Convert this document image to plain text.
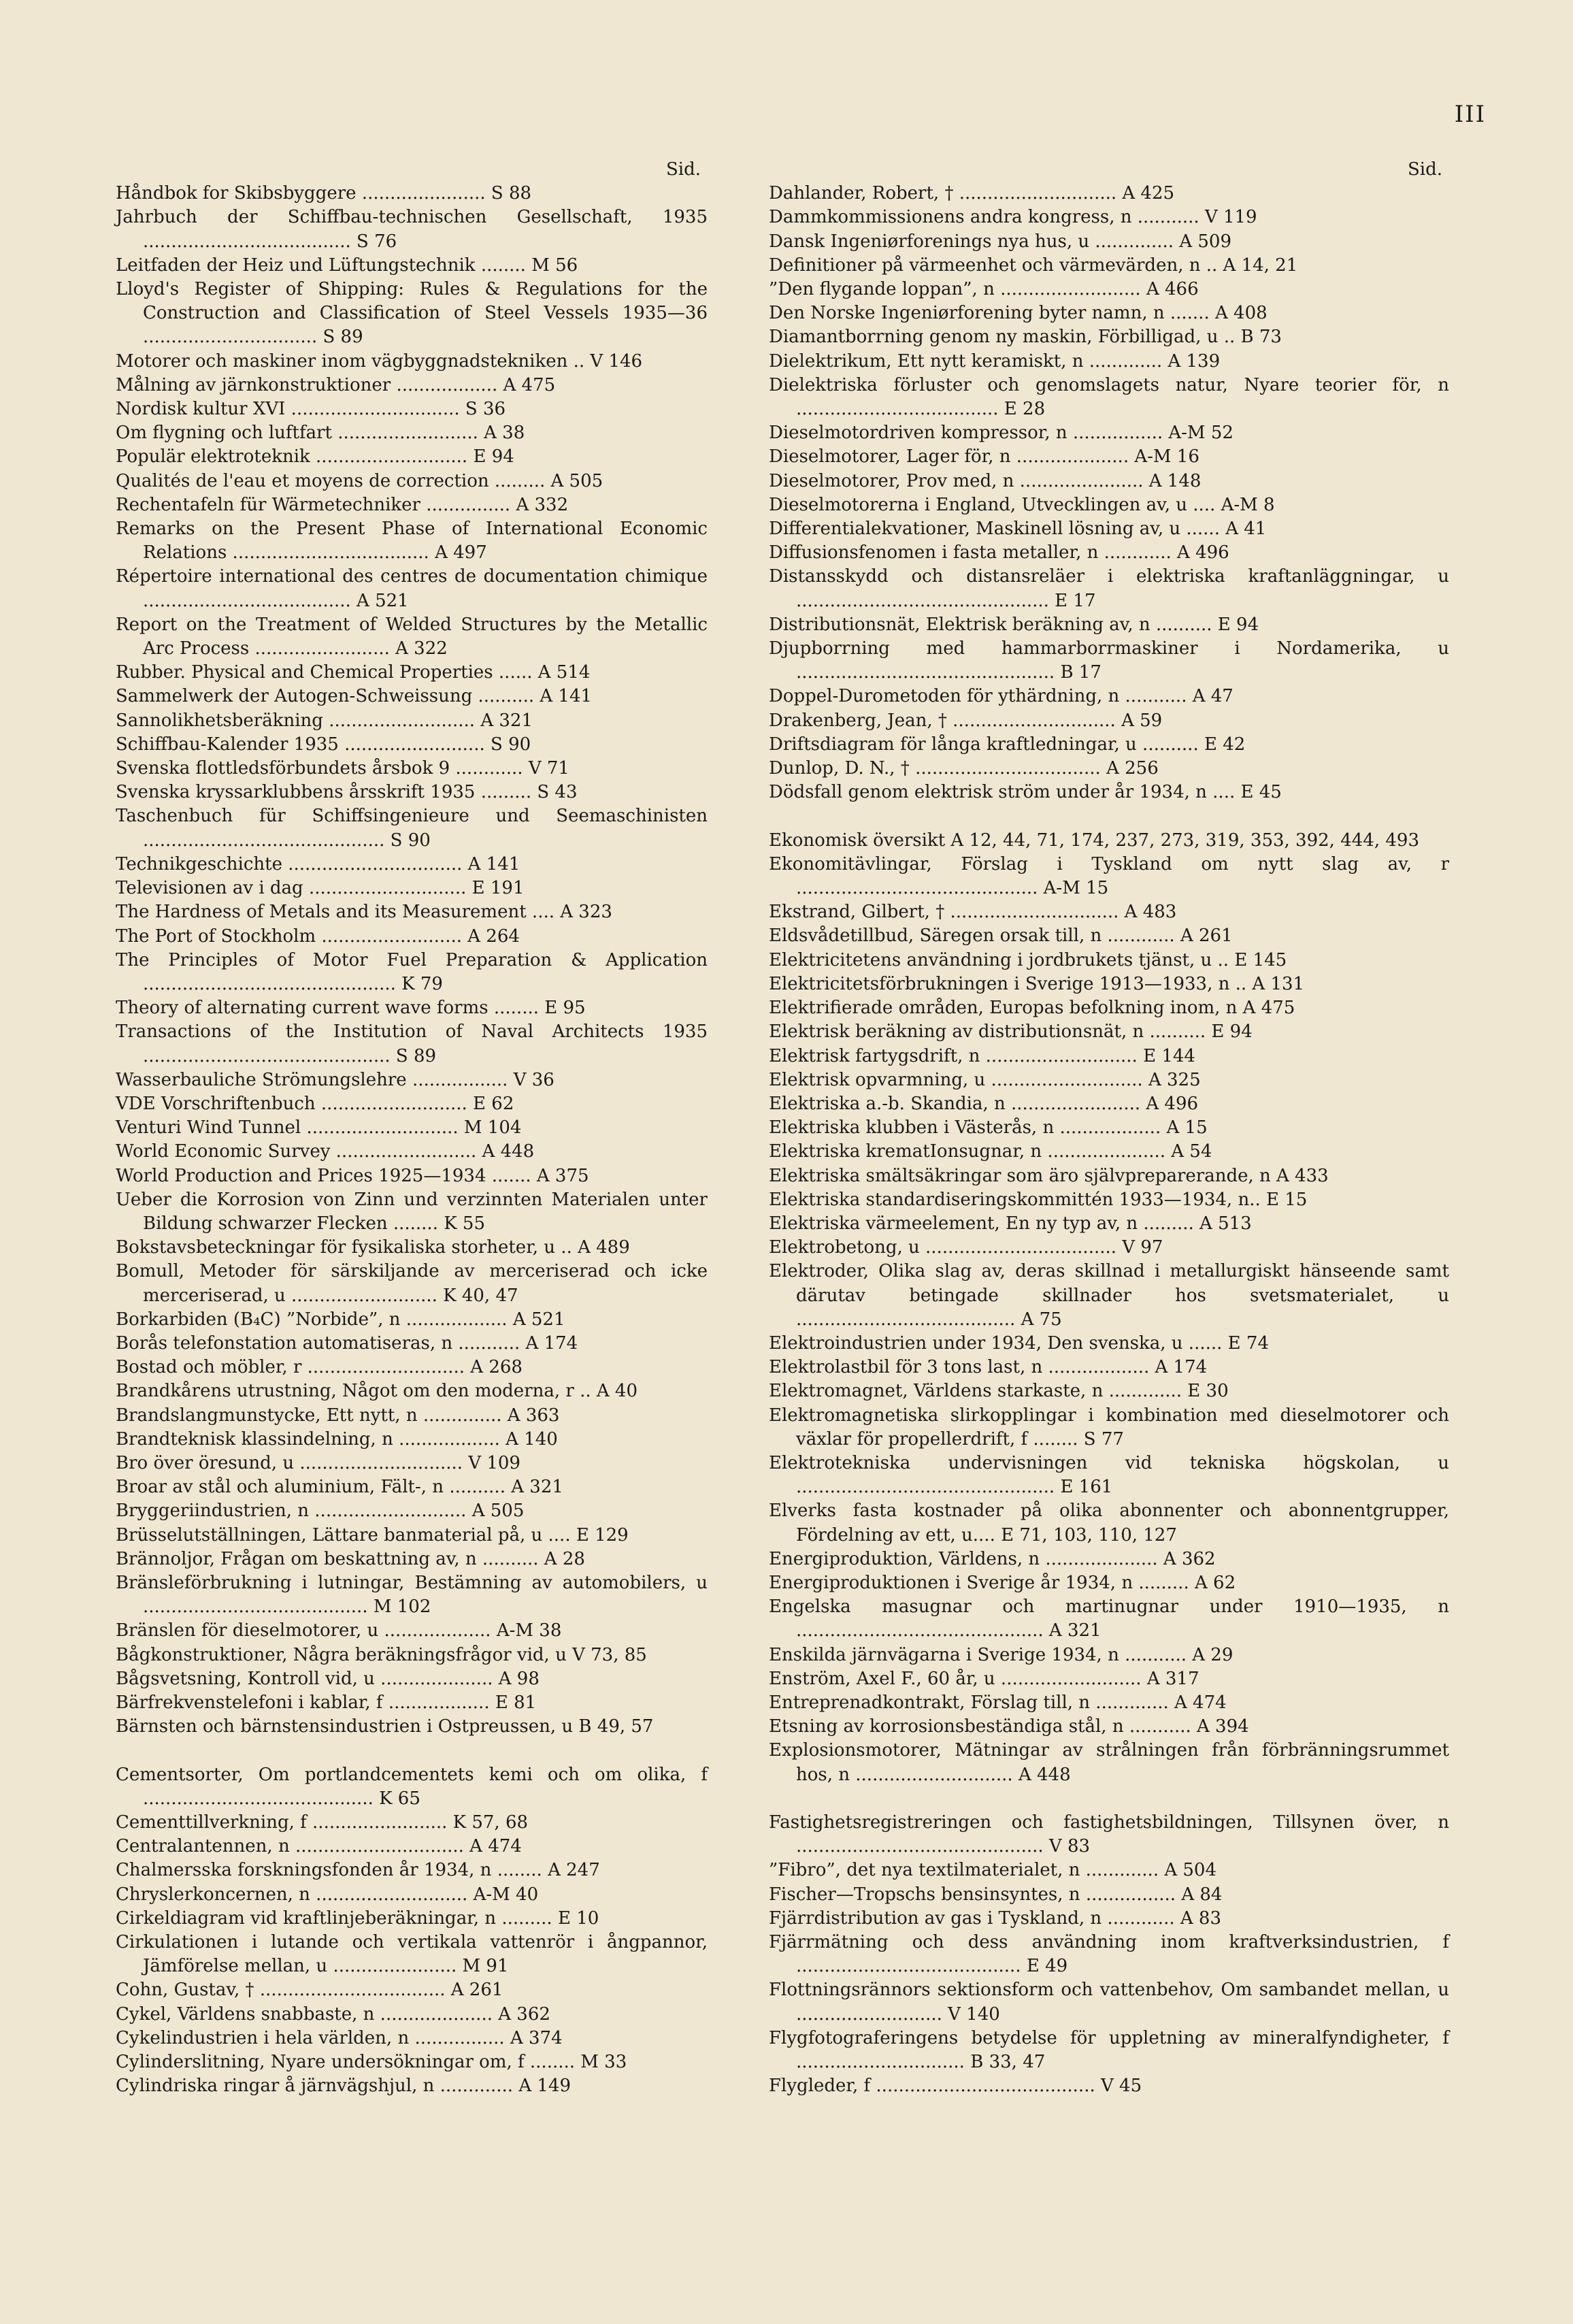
III
Sid.
Håndbok for Skibsbyggere ...................... S 88
Jahrbuch der Schiffbau-technischen Gesellschaft, 1935 ..................................... S 76
Leitfaden der Heiz und Lüftungstechnik ........ M 56
Lloyd's Register of Shipping: Rules & Regulations for the Construction and Classification of Steel Vessels 1935—36 ............................... S 89
Motorer och maskiner inom vägbyggnadstekniken .. V 146
Målning av järnkonstruktioner .................. A 475
Nordisk kultur XVI .............................. S 36
Om flygning och luftfart ......................... A 38
Populär elektroteknik ........................... E 94
Qualités de l'eau et moyens de correction ......... A 505
Rechentafeln für Wärmetechniker ............... A 332
Remarks on the Present Phase of International Economic Relations ................................... A 497
Répertoire international des centres de documentation chimique ..................................... A 521
Report on the Treatment of Welded Structures by the Metallic Arc Process ........................ A 322
Rubber. Physical and Chemical Properties ...... A 514
Sammelwerk der Autogen-Schweissung .......... A 141
Sannolikhetsberäkning .......................... A 321
Schiffbau-Kalender 1935 ......................... S 90
Svenska flottledsförbundets årsbok 9 ............ V 71
Svenska kryssarklubbens årsskrift 1935 ......... S 43
Taschenbuch für Schiffsingenieure und Seemaschinisten ........................................... S 90
Technikgeschichte ............................... A 141
Televisionen av i dag ............................ E 191
The Hardness of Metals and its Measurement .... A 323
The Port of Stockholm ......................... A 264
The Principles of Motor Fuel Preparation & Application ............................................. K 79
Theory of alternating current wave forms ........ E 95
Transactions of the Institution of Naval Architects 1935 ............................................ S 89
Wasserbauliche Strömungslehre ................. V 36
VDE Vorschriftenbuch .......................... E 62
Venturi Wind Tunnel ........................... M 104
World Economic Survey ......................... A 448
World Production and Prices 1925—1934 ....... A 375
Ueber die Korrosion von Zinn und verzinnten Materialen unter Bildung schwarzer Flecken ........ K 55
Bokstavsbeteckningar för fysikaliska storheter, u .. A 489
Bomull, Metoder för särskiljande av merceriserad och icke merceriserad, u .......................... K 40, 47
Borkarbiden (B₄C) ”Norbide”, n .................. A 521
Borås telefonstation automatiseras, n ........... A 174
Bostad och möbler, r ............................ A 268
Brandkårens utrustning, Något om den moderna, r .. A 40
Brandslangmunstycke, Ett nytt, n .............. A 363
Brandteknisk klassindelning, n .................. A 140
Bro över öresund, u ............................. V 109
Broar av stål och aluminium, Fält-, n .......... A 321
Bryggeriindustrien, n ........................... A 505
Brüsselutställningen, Lättare banmaterial på, u .... E 129
Brännoljor, Frågan om beskattning av, n .......... A 28
Bränsleförbrukning i lutningar, Bestämning av automobilers, u ........................................ M 102
Bränslen för dieselmotorer, u ................... A-M 38
Bågkonstruktioner, Några beräkningsfrågor vid, u V 73, 85
Bågsvetsning, Kontroll vid, u .................... A 98
Bärfrekvenstelefoni i kablar, f .................. E 81
Bärnsten och bärnstensindustrien i Ostpreussen, u B 49, 57
Cementsorter, Om portlandcementets kemi och om olika, f ......................................... K 65
Cementtillverkning, f ........................ K 57, 68
Centralantennen, n .............................. A 474
Chalmersska forskningsfonden år 1934, n ........ A 247
Chryslerkoncernen, n ........................... A-M 40
Cirkeldiagram vid kraftlinjeberäkningar, n ......... E 10
Cirkulationen i lutande och vertikala vattenrör i ångpannor, Jämförelse mellan, u ...................... M 91
Cohn, Gustav, † ................................. A 261
Cykel, Världens snabbaste, n .................... A 362
Cykelindustrien i hela världen, n ................ A 374
Cylinderslitning, Nyare undersökningar om, f ........ M 33
Cylindriska ringar å järnvägshjul, n ............. A 149
Sid.
Dahlander, Robert, † ............................ A 425
Dammkommissionens andra kongress, n ........... V 119
Dansk Ingeniørforenings nya hus, u .............. A 509
Definitioner på värmeenhet och värmevärden, n .. A 14, 21
”Den flygande loppan”, n ......................... A 466
Den Norske Ingeniørforening byter namn, n ....... A 408
Diamantborrning genom ny maskin, Förbilligad, u .. B 73
Dielektrikum, Ett nytt keramiskt, n ............. A 139
Dielektriska förluster och genomslagets natur, Nyare teorier för, n .................................... E 28
Dieselmotordriven kompressor, n ................ A-M 52
Dieselmotorer, Lager för, n .................... A-M 16
Dieselmotorer, Prov med, n ...................... A 148
Dieselmotorerna i England, Utvecklingen av, u .... A-M 8
Differentialekvationer, Maskinell lösning av, u ...... A 41
Diffusionsfenomen i fasta metaller, n ............ A 496
Distansskydd och distansreläer i elektriska kraftanläggningar, u ............................................. E 17
Distributionsnät, Elektrisk beräkning av, n .......... E 94
Djupborrning med hammarborrmaskiner i Nordamerika, u .............................................. B 17
Doppel-Durometoden för ythärdning, n ........... A 47
Drakenberg, Jean, † ............................. A 59
Driftsdiagram för långa kraftledningar, u .......... E 42
Dunlop, D. N., † ................................. A 256
Dödsfall genom elektrisk ström under år 1934, n .... E 45
Ekonomisk översikt A 12, 44, 71, 174, 237, 273, 319, 353, 392, 444, 493
Ekonomitävlingar, Förslag i Tyskland om nytt slag av, r ........................................... A-M 15
Ekstrand, Gilbert, † .............................. A 483
Eldsvådetillbud, Säregen orsak till, n ............ A 261
Elektricitetens användning i jordbrukets tjänst, u .. E 145
Elektricitetsförbrukningen i Sverige 1913—1933, n .. A 131
Elektrifierade områden, Europas befolkning inom, n A 475
Elektrisk beräkning av distributionsnät, n .......... E 94
Elektrisk fartygsdrift, n ........................... E 144
Elektrisk opvarmning, u ........................... A 325
Elektriska a.-b. Skandia, n ....................... A 496
Elektriska klubben i Västerås, n .................. A 15
Elektriska krematIonsugnar, n ..................... A 54
Elektriska smältsäkringar som äro självpreparerande, n A 433
Elektriska standardiseringskommittén 1933—1934, n.. E 15
Elektriska värmeelement, En ny typ av, n ......... A 513
Elektrobetong, u .................................. V 97
Elektroder, Olika slag av, deras skillnad i metallurgiskt hänseende samt därutav betingade skillnader hos svetsmaterialet, u ....................................... A 75
Elektroindustrien under 1934, Den svenska, u ...... E 74
Elektrolastbil för 3 tons last, n .................. A 174
Elektromagnet, Världens starkaste, n ............. E 30
Elektromagnetiska slirkopplingar i kombination med dieselmotorer och växlar för propellerdrift, f ........ S 77
Elektrotekniska undervisningen vid tekniska högskolan, u .............................................. E 161
Elverks fasta kostnader på olika abonnenter och abonnentgrupper, Fördelning av ett, u.... E 71, 103, 110, 127
Energiproduktion, Världens, n .................... A 362
Energiproduktionen i Sverige år 1934, n ......... A 62
Engelska masugnar och martinugnar under 1910—1935, n ............................................ A 321
Enskilda järnvägarna i Sverige 1934, n ........... A 29
Enström, Axel F., 60 år, u ......................... A 317
Entreprenadkontrakt, Förslag till, n ............. A 474
Etsning av korrosionsbeständiga stål, n ........... A 394
Explosionsmotorer, Mätningar av strålningen från förbränningsrummet hos, n ............................ A 448
Fastighetsregistreringen och fastighetsbildningen, Tillsynen över, n ............................................ V 83
”Fibro”, det nya textilmaterialet, n ............. A 504
Fischer—Tropschs bensinsyntes, n ................ A 84
Fjärrdistribution av gas i Tyskland, n ............ A 83
Fjärrmätning och dess användning inom kraftverksindustrien, f ........................................ E 49
Flottningsrännors sektionsform och vattenbehov, Om sambandet mellan, u .......................... V 140
Flygfotograferingens betydelse för uppletning av mineralfyndigheter, f .............................. B 33, 47
Flygleder, f ....................................... V 45
